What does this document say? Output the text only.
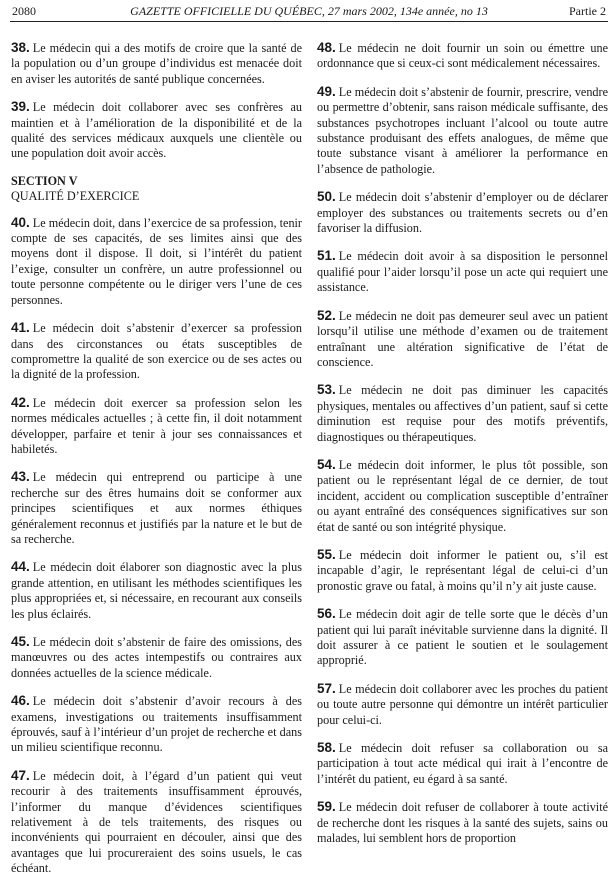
2080	GAZETTE OFFICIELLE DU QUÉBEC, 27 mars 2002, 134e année, no 13	Partie 2
38. Le médecin qui a des motifs de croire que la santé de la population ou d’un groupe d’individus est menacée doit en aviser les autorités de santé publique concernées.
39. Le médecin doit collaborer avec ses confrères au maintien et à l’amélioration de la disponibilité et de la qualité des services médicaux auxquels une clientèle ou une population doit avoir accès.
SECTION V
QUALITÉ D’EXERCICE
40. Le médecin doit, dans l’exercice de sa profession, tenir compte de ses capacités, de ses limites ainsi que des moyens dont il dispose. Il doit, si l’intérêt du patient l’exige, consulter un confrère, un autre professionnel ou toute personne compétente ou le diriger vers l’une de ces personnes.
41. Le médecin doit s’abstenir d’exercer sa profession dans des circonstances ou états susceptibles de compromettre la qualité de son exercice ou de ses actes ou la dignité de la profession.
42. Le médecin doit exercer sa profession selon les normes médicales actuelles ; à cette fin, il doit notamment développer, parfaire et tenir à jour ses connaissances et habiletés.
43. Le médecin qui entreprend ou participe à une recherche sur des êtres humains doit se conformer aux principes scientifiques et aux normes éthiques généralement reconnus et justifiés par la nature et le but de sa recherche.
44. Le médecin doit élaborer son diagnostic avec la plus grande attention, en utilisant les méthodes scientifiques les plus appropriées et, si nécessaire, en recourant aux conseils les plus éclairés.
45. Le médecin doit s’abstenir de faire des omissions, des manœuvres ou des actes intempestifs ou contraires aux données actuelles de la science médicale.
46. Le médecin doit s’abstenir d’avoir recours à des examens, investigations ou traitements insuffisamment éprouvés, sauf à l’intérieur d’un projet de recherche et dans un milieu scientifique reconnu.
47. Le médecin doit, à l’égard d’un patient qui veut recourir à des traitements insuffisamment éprouvés, l’informer du manque d’évidences scientifiques relativement à de tels traitements, des risques ou inconvénients qui pourraient en découler, ainsi que des avantages que lui procureraient des soins usuels, le cas échéant.
48. Le médecin ne doit fournir un soin ou émettre une ordonnance que si ceux-ci sont médicalement nécessaires.
49. Le médecin doit s’abstenir de fournir, prescrire, vendre ou permettre d’obtenir, sans raison médicale suffisante, des substances psychotropes incluant l’alcool ou toute autre substance produisant des effets analogues, de même que toute substance visant à améliorer la performance en l’absence de pathologie.
50. Le médecin doit s’abstenir d’employer ou de déclarer employer des substances ou traitements secrets ou d’en favoriser la diffusion.
51. Le médecin doit avoir à sa disposition le personnel qualifié pour l’aider lorsqu’il pose un acte qui requiert une assistance.
52. Le médecin ne doit pas demeurer seul avec un patient lorsqu’il utilise une méthode d’examen ou de traitement entraînant une altération significative de l’état de conscience.
53. Le médecin ne doit pas diminuer les capacités physiques, mentales ou affectives d’un patient, sauf si cette diminution est requise pour des motifs préventifs, diagnostiques ou thérapeutiques.
54. Le médecin doit informer, le plus tôt possible, son patient ou le représentant légal de ce dernier, de tout incident, accident ou complication susceptible d’entraîner ou ayant entraîné des conséquences significatives sur son état de santé ou son intégrité physique.
55. Le médecin doit informer le patient ou, s’il est incapable d’agir, le représentant légal de celui-ci d’un pronostic grave ou fatal, à moins qu’il n’y ait juste cause.
56. Le médecin doit agir de telle sorte que le décès d’un patient qui lui paraît inévitable survienne dans la dignité. Il doit assurer à ce patient le soutien et le soulagement approprié.
57. Le médecin doit collaborer avec les proches du patient ou toute autre personne qui démontre un intérêt particulier pour celui-ci.
58. Le médecin doit refuser sa collaboration ou sa participation à tout acte médical qui irait à l’encontre de l’intérêt du patient, eu égard à sa santé.
59. Le médecin doit refuser de collaborer à toute activité de recherche dont les risques à la santé des sujets, sains ou malades, lui semblent hors de proportion
